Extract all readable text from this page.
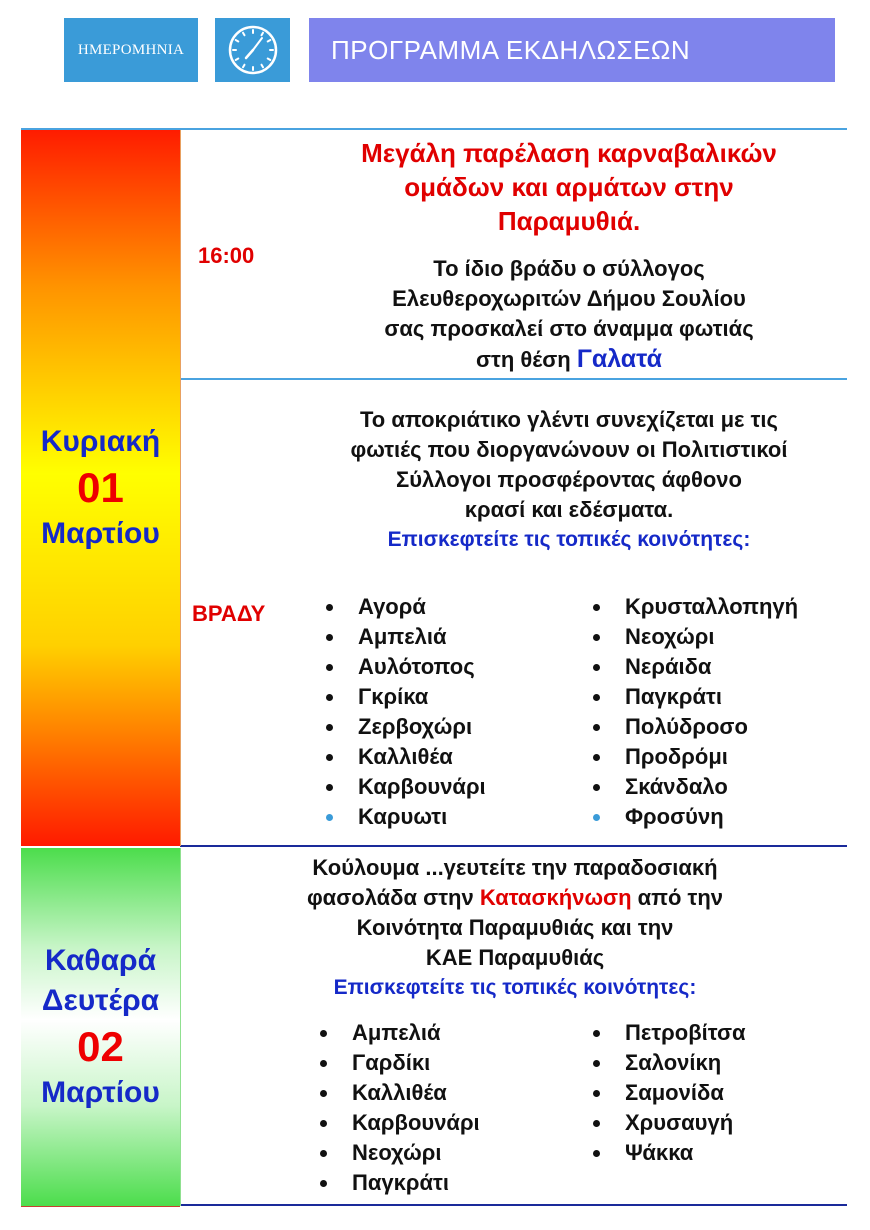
ΗΜΕΡΟΜΗΝΙΑ	ΠΡΟΓΡΑΜΜΑ ΕΚΔΗΛΩΣΕΩΝ
Κυριακή
01
Μαρτίου
16:00
Μεγάλη παρέλαση καρναβαλικών
ομάδων και αρμάτων στην
Παραμυθιά.
Το ίδιο βράδυ ο σύλλογος
Ελευθεροχωριτών Δήμου Σουλίου
σας προσκαλεί στο άναμμα φωτιάς
στη θέση Γαλατά
ΒΡΑΔΥ
Το αποκριάτικο γλέντι συνεχίζεται με τις
φωτιές που διοργανώνουν οι Πολιτιστικοί
Σύλλογοι προσφέροντας άφθονο
κρασί και εδέσματα.
Επισκεφτείτε τις τοπικές κοινότητες:
Αγορά
Αμπελιά
Αυλότοπος
Γκρίκα
Ζερβοχώρι
Καλλιθέα
Καρβουνάρι
Καρυωτι
Κρυσταλλοπηγή
Νεοχώρι
Νεράιδα
Παγκράτι
Πολύδροσο
Προδρόμι
Σκάνδαλο
Φροσύνη
Καθαρά
Δευτέρα
02
Μαρτίου
Κούλουμα ...γευτείτε την παραδοσιακή
φασολάδα στην Κατασκήνωση από την
Κοινότητα Παραμυθιάς και την
ΚΑΕ Παραμυθιάς
Επισκεφτείτε τις τοπικές κοινότητες:
Αμπελιά
Γαρδίκι
Καλλιθέα
Καρβουνάρι
Νεοχώρι
Παγκράτι
Πετροβίτσα
Σαλονίκη
Σαμονίδα
Χρυσαυγή
Ψάκκα
